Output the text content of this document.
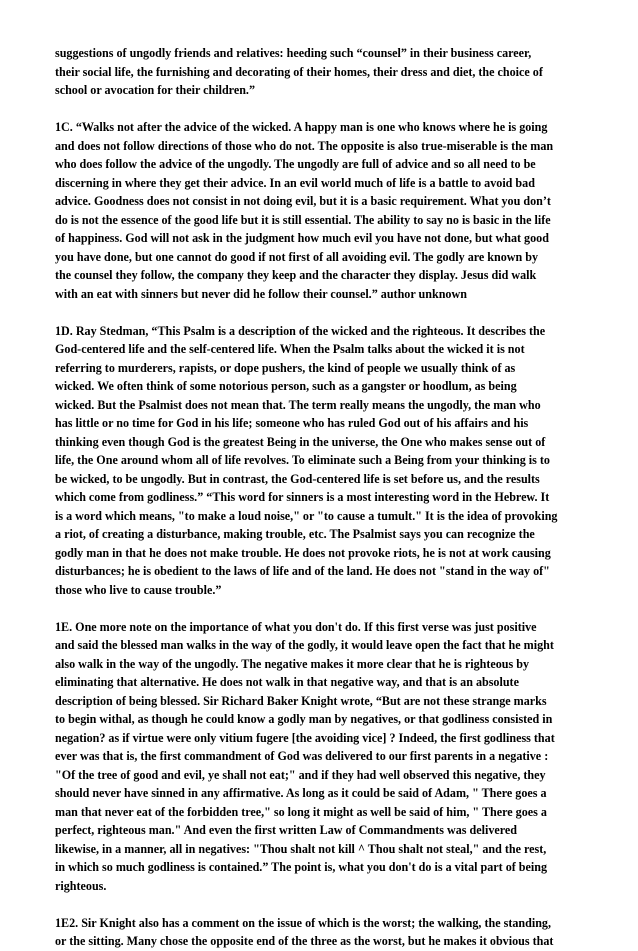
suggestions of ungodly friends and relatives: heeding such “counsel” in their business career,
their social life, the furnishing and decorating of their homes, their dress and diet, the choice of
school or avocation for their children.”

1C. “Walks not after the advice of the wicked. A happy man is one who knows where he is going
and does not follow directions of those who do not. The opposite is also true-miserable is the man
who does follow the advice of the ungodly. The ungodly are full of advice and so all need to be
discerning in where they get their advice. In an evil world much of life is a battle to avoid bad
advice. Goodness does not consist in not doing evil, but it is a basic requirement. What you don’t
do is not the essence of the good life but it is still essential. The ability to say no is basic in the life
of happiness. God will not ask in the judgment how much evil you have not done, but what good
you have done, but one cannot do good if not first of all avoiding evil. The godly are known by
the counsel they follow, the company they keep and the character they display. Jesus did walk
with an eat with sinners but never did he follow their counsel.” author unknown

1D. Ray Stedman, “This Psalm is a description of the wicked and the righteous. It describes the
God-centered life and the self-centered life. When the Psalm talks about the wicked it is not
referring to murderers, rapists, or dope pushers, the kind of people we usually think of as
wicked. We often think of some notorious person, such as a gangster or hoodlum, as being
wicked. But the Psalmist does not mean that. The term really means the ungodly, the man who
has little or no time for God in his life; someone who has ruled God out of his affairs and his
thinking even though God is the greatest Being in the universe, the One who makes sense out of
life, the One around whom all of life revolves. To eliminate such a Being from your thinking is to
be wicked, to be ungodly. But in contrast, the God-centered life is set before us, and the results
which come from godliness.” “This word for sinners is a most interesting word in the Hebrew. It
is a word which means, "to make a loud noise," or "to cause a tumult." It is the idea of provoking
a riot, of creating a disturbance, making trouble, etc. The Psalmist says you can recognize the
godly man in that he does not make trouble. He does not provoke riots, he is not at work causing
disturbances; he is obedient to the laws of life and of the land. He does not "stand in the way of"
those who live to cause trouble.”

1E. One more note on the importance of what you don't do. If this first verse was just positive
and said the blessed man walks in the way of the godly, it would leave open the fact that he might
also walk in the way of the ungodly. The negative makes it more clear that he is righteous by
eliminating that alternative. He does not walk in that negative way, and that is an absolute
description of being blessed. Sir Richard Baker Knight wrote, “But are not these strange marks
to begin withal, as though he could know a godly man by negatives, or that godliness consisted in
negation? as if virtue were only vitium fugere [the avoiding vice] ? Indeed, the first godliness that
ever was that is, the first commandment of God was delivered to our first parents in a negative :
"Of the tree of good and evil, ye shall not eat;" and if they had well observed this negative, they
should never have sinned in any affirmative. As long as it could be said of Adam, " There goes a
man that never eat of the forbidden tree," so long it might as well be said of him, " There goes a
perfect, righteous man." And even the first written Law of Commandments was delivered
likewise, in a manner, all in negatives: "Thou shalt not kill ^ Thou shalt not steal," and the rest,
in which so much godliness is contained.” The point is, what you don't do is a vital part of being
righteous.

1E2. Sir Knight also has a comment on the issue of which is the worst; the walking, the standing,
or the sitting. Many chose the opposite end of the three as the worst, but he makes it obvious that
